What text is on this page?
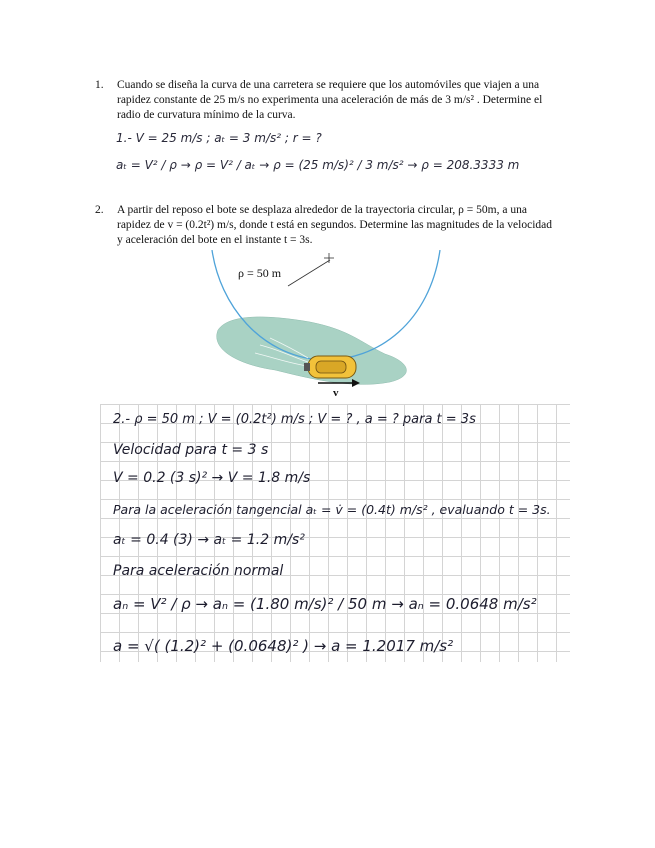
1. Cuando se diseña la curva de una carretera se requiere que los automóviles que viajen a una
rapidez constante de 25 m/s no experimenta una aceleración de más de 3 m/s² . Determine el
radio de curvatura mínimo de la curva.
1.- V = 25 m/s ; aₜ = 3 m/s² ; r = ?
aₜ = V² / ρ → ρ = V² / aₜ → ρ = (25 m/s)² / 3 m/s² → ρ = 208.3333 m
2. A partir del reposo el bote se desplaza alrededor de la trayectoria circular, ρ = 50m, a una
rapidez de v = (0.2t²) m/s, donde t está en segundos. Determine las magnitudes de la velocidad
y aceleración del bote en el instante t = 3s.
ρ = 50 m
v
2.- ρ = 50 m ; V = (0.2t²) m/s ; V = ? , a = ? para t = 3s
Velocidad para t = 3 s
V = 0.2 (3 s)² → V = 1.8 m/s
Para la aceleración tangencial aₜ = v̇ = (0.4t) m/s² , evaluando t = 3s.
aₜ = 0.4 (3) → aₜ = 1.2 m/s²
Para aceleración normal
aₙ = V² / ρ → aₙ = (1.80 m/s)² / 50 m → aₙ = 0.0648 m/s²
a = √( (1.2)² + (0.0648)² ) → a = 1.2017 m/s²
